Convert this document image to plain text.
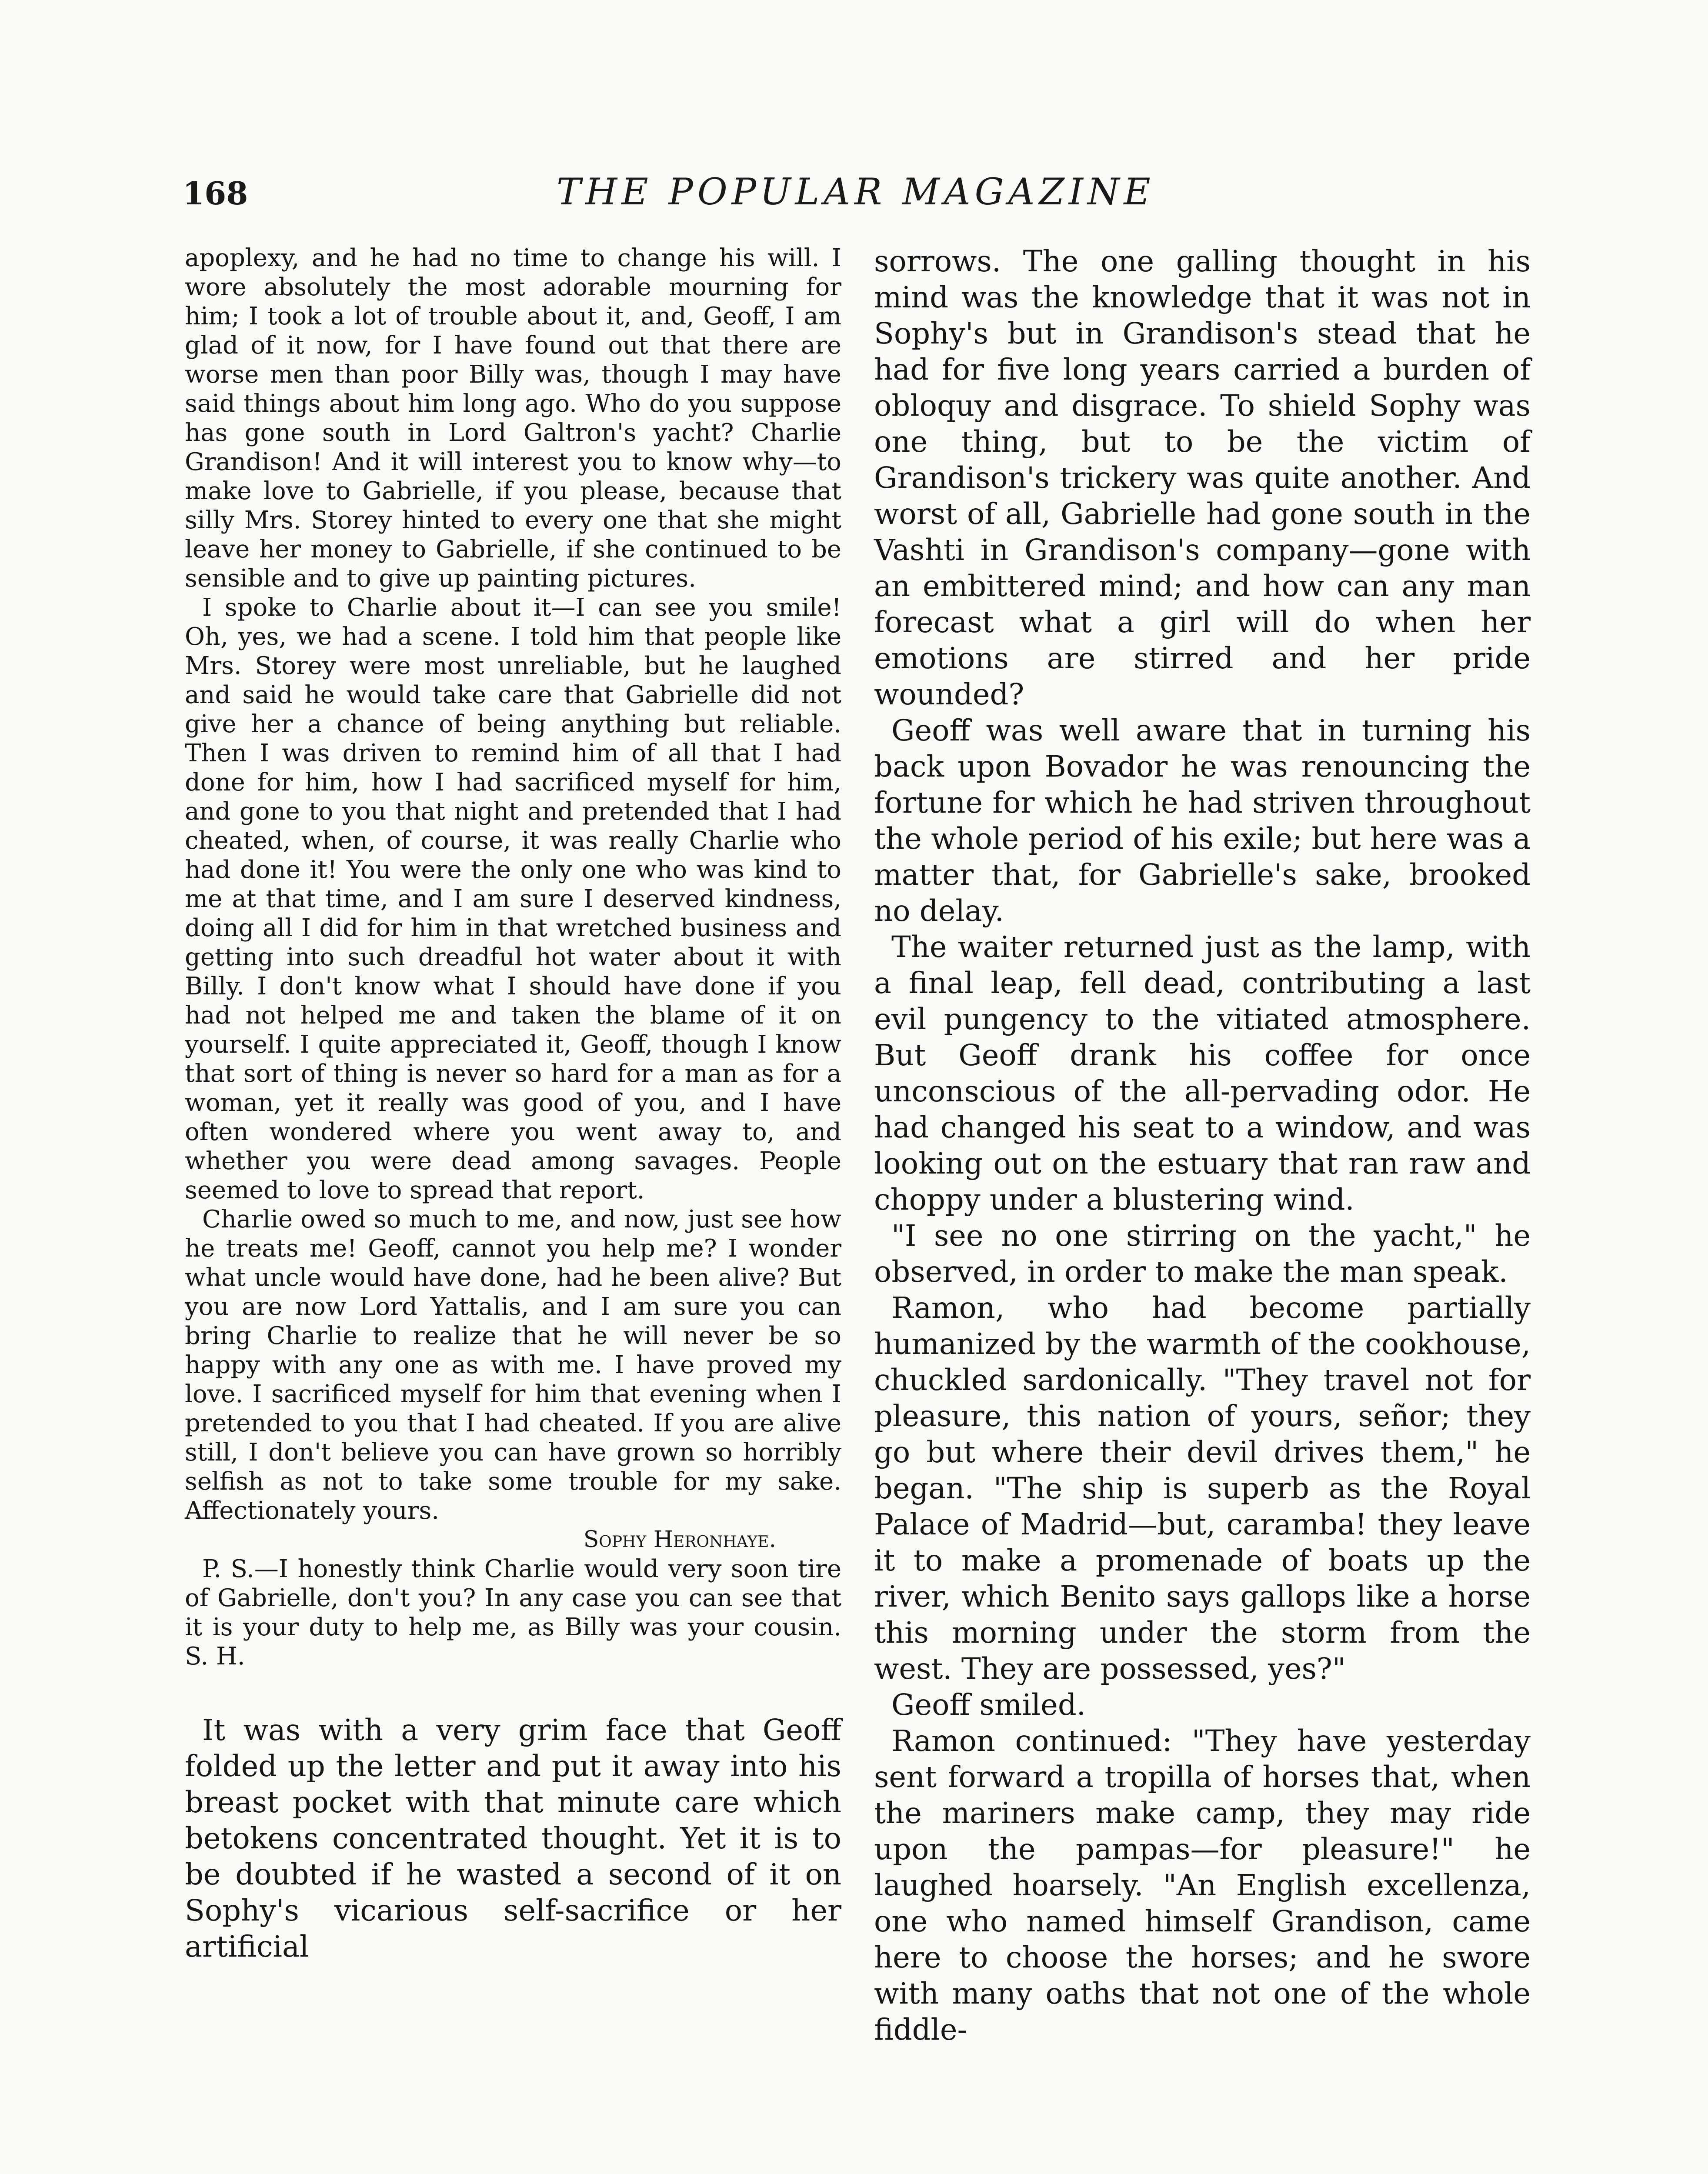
168	THE POPULAR MAGAZINE

apoplexy, and he had no time to change his will. I wore absolutely the most adorable mourning for him; I took a lot of trouble about it, and, Geoff, I am glad of it now, for I have found out that there are worse men than poor Billy was, though I may have said things about him long ago. Who do you suppose has gone south in Lord Galtron's yacht? Charlie Grandison! And it will interest you to know why—to make love to Gabrielle, if you please, because that silly Mrs. Storey hinted to every one that she might leave her money to Gabrielle, if she continued to be sensible and to give up painting pictures.

I spoke to Charlie about it—I can see you smile! Oh, yes, we had a scene. I told him that people like Mrs. Storey were most unreliable, but he laughed and said he would take care that Gabrielle did not give her a chance of being anything but reliable. Then I was driven to remind him of all that I had done for him, how I had sacrificed myself for him, and gone to you that night and pretended that I had cheated, when, of course, it was really Charlie who had done it! You were the only one who was kind to me at that time, and I am sure I deserved kindness, doing all I did for him in that wretched business and getting into such dreadful hot water about it with Billy. I don't know what I should have done if you had not helped me and taken the blame of it on yourself. I quite appreciated it, Geoff, though I know that sort of thing is never so hard for a man as for a woman, yet it really was good of you, and I have often wondered where you went away to, and whether you were dead among savages. People seemed to love to spread that report.

Charlie owed so much to me, and now, just see how he treats me! Geoff, cannot you help me? I wonder what uncle would have done, had he been alive? But you are now Lord Yattalis, and I am sure you can bring Charlie to realize that he will never be so happy with any one as with me. I have proved my love. I sacrificed myself for him that evening when I pretended to you that I had cheated. If you are alive still, I don't believe you can have grown so horribly selfish as not to take some trouble for my sake. Affectionately yours.

Sophy Heronhaye.

P. S.—I honestly think Charlie would very soon tire of Gabrielle, don't you? In any case you can see that it is your duty to help me, as Billy was your cousin. S. H.

It was with a very grim face that Geoff folded up the letter and put it away into his breast pocket with that minute care which betokens concentrated thought. Yet it is to be doubted if he wasted a second of it on Sophy's vicarious self-sacrifice or her artificial

sorrows. The one galling thought in his mind was the knowledge that it was not in Sophy's but in Grandison's stead that he had for five long years carried a burden of obloquy and disgrace. To shield Sophy was one thing, but to be the victim of Grandison's trickery was quite another. And worst of all, Gabrielle had gone south in the Vashti in Grandison's company—gone with an embittered mind; and how can any man forecast what a girl will do when her emotions are stirred and her pride wounded?

Geoff was well aware that in turning his back upon Bovador he was renouncing the fortune for which he had striven throughout the whole period of his exile; but here was a matter that, for Gabrielle's sake, brooked no delay.

The waiter returned just as the lamp, with a final leap, fell dead, contributing a last evil pungency to the vitiated atmosphere. But Geoff drank his coffee for once unconscious of the all-pervading odor. He had changed his seat to a window, and was looking out on the estuary that ran raw and choppy under a blustering wind.

"I see no one stirring on the yacht," he observed, in order to make the man speak.

Ramon, who had become partially humanized by the warmth of the cookhouse, chuckled sardonically. "They travel not for pleasure, this nation of yours, señor; they go but where their devil drives them," he began. "The ship is superb as the Royal Palace of Madrid—but, caramba! they leave it to make a promenade of boats up the river, which Benito says gallops like a horse this morning under the storm from the west. They are possessed, yes?"

Geoff smiled.

Ramon continued: "They have yesterday sent forward a tropilla of horses that, when the mariners make camp, they may ride upon the pampas—for pleasure!" he laughed hoarsely. "An English excellenza, one who named himself Grandison, came here to choose the horses; and he swore with many oaths that not one of the whole fiddle-
